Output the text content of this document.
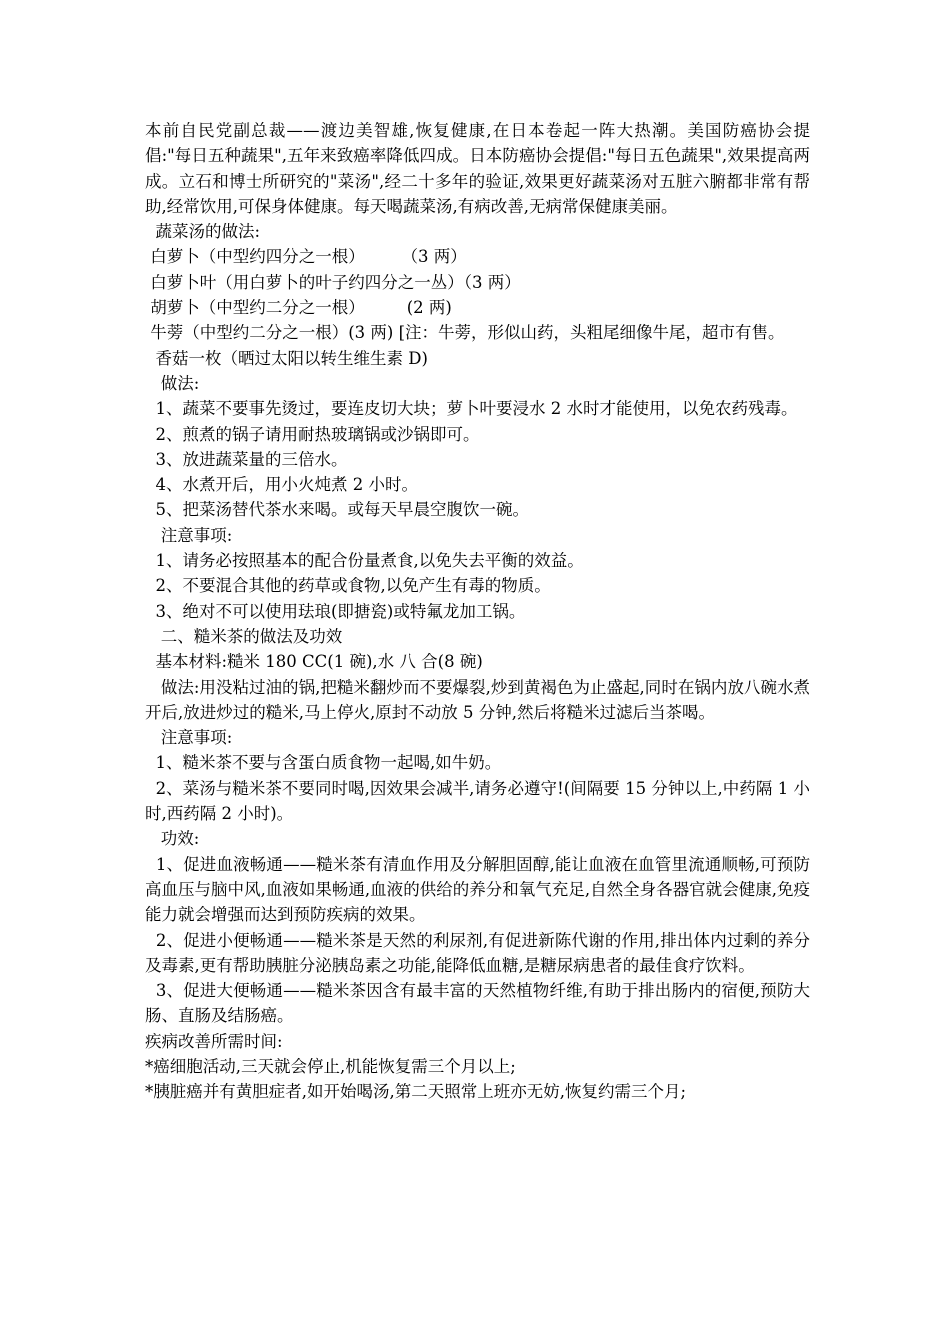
本前自民党副总裁——渡边美智雄,恢复健康,在日本卷起一阵大热潮。美国防癌协会提倡:"每日五种蔬果",五年来致癌率降低四成。日本防癌协会提倡:"每日五色蔬果",效果提高两成。立石和博士所研究的"菜汤",经二十多年的验证,效果更好蔬菜汤对五脏六腑都非常有帮助,经常饮用,可保身体健康。每天喝蔬菜汤,有病改善,无病常保健康美丽。

蔬菜汤的做法:

白萝卜（中型约四分之一根）       （3 两）

白萝卜叶（用白萝卜的叶子约四分之一丛）（3 两）

胡萝卜（中型约二分之一根）        (2 两)

牛蒡（中型约二分之一根）(3 两) [注：牛蒡，形似山药，头粗尾细像牛尾，超市有售。

香菇一枚（晒过太阳以转生维生素 D)

做法:

1、蔬菜不要事先烫过，要连皮切大块；萝卜叶要浸水 2 水时才能使用，以免农药残毒。

2、煎煮的锅子请用耐热玻璃锅或沙锅即可。

3、放进蔬菜量的三倍水。

4、水煮开后，用小火炖煮 2 小时。

5、把菜汤替代茶水来喝。或每天早晨空腹饮一碗。

注意事项:

1、请务必按照基本的配合份量煮食,以免失去平衡的效益。

2、不要混合其他的药草或食物,以免产生有毒的物质。

3、绝对不可以使用珐琅(即搪瓷)或特氟龙加工锅。

二、糙米茶的做法及功效

基本材料:糙米 180 CC(1 碗),水 八 合(8 碗)

做法:用没粘过油的锅,把糙米翻炒而不要爆裂,炒到黄褐色为止盛起,同时在锅内放八碗水煮开后,放进炒过的糙米,马上停火,原封不动放 5 分钟,然后将糙米过滤后当茶喝。

注意事项:

1、糙米茶不要与含蛋白质食物一起喝,如牛奶。

2、菜汤与糙米茶不要同时喝,因效果会减半,请务必遵守!(间隔要 15 分钟以上,中药隔 1 小时,西药隔 2 小时)。

功效:

1、促进血液畅通——糙米茶有清血作用及分解胆固醇,能让血液在血管里流通顺畅,可预防高血压与脑中风,血液如果畅通,血液的供给的养分和氧气充足,自然全身各器官就会健康,免疫能力就会增强而达到预防疾病的效果。

2、促进小便畅通——糙米茶是天然的利尿剂,有促进新陈代谢的作用,排出体内过剩的养分及毒素,更有帮助胰脏分泌胰岛素之功能,能降低血糖,是糖尿病患者的最佳食疗饮料。

3、促进大便畅通——糙米茶因含有最丰富的天然植物纤维,有助于排出肠内的宿便,预防大肠、直肠及结肠癌。

疾病改善所需时间:

*癌细胞活动,三天就会停止,机能恢复需三个月以上;

*胰脏癌并有黄胆症者,如开始喝汤,第二天照常上班亦无妨,恢复约需三个月;
